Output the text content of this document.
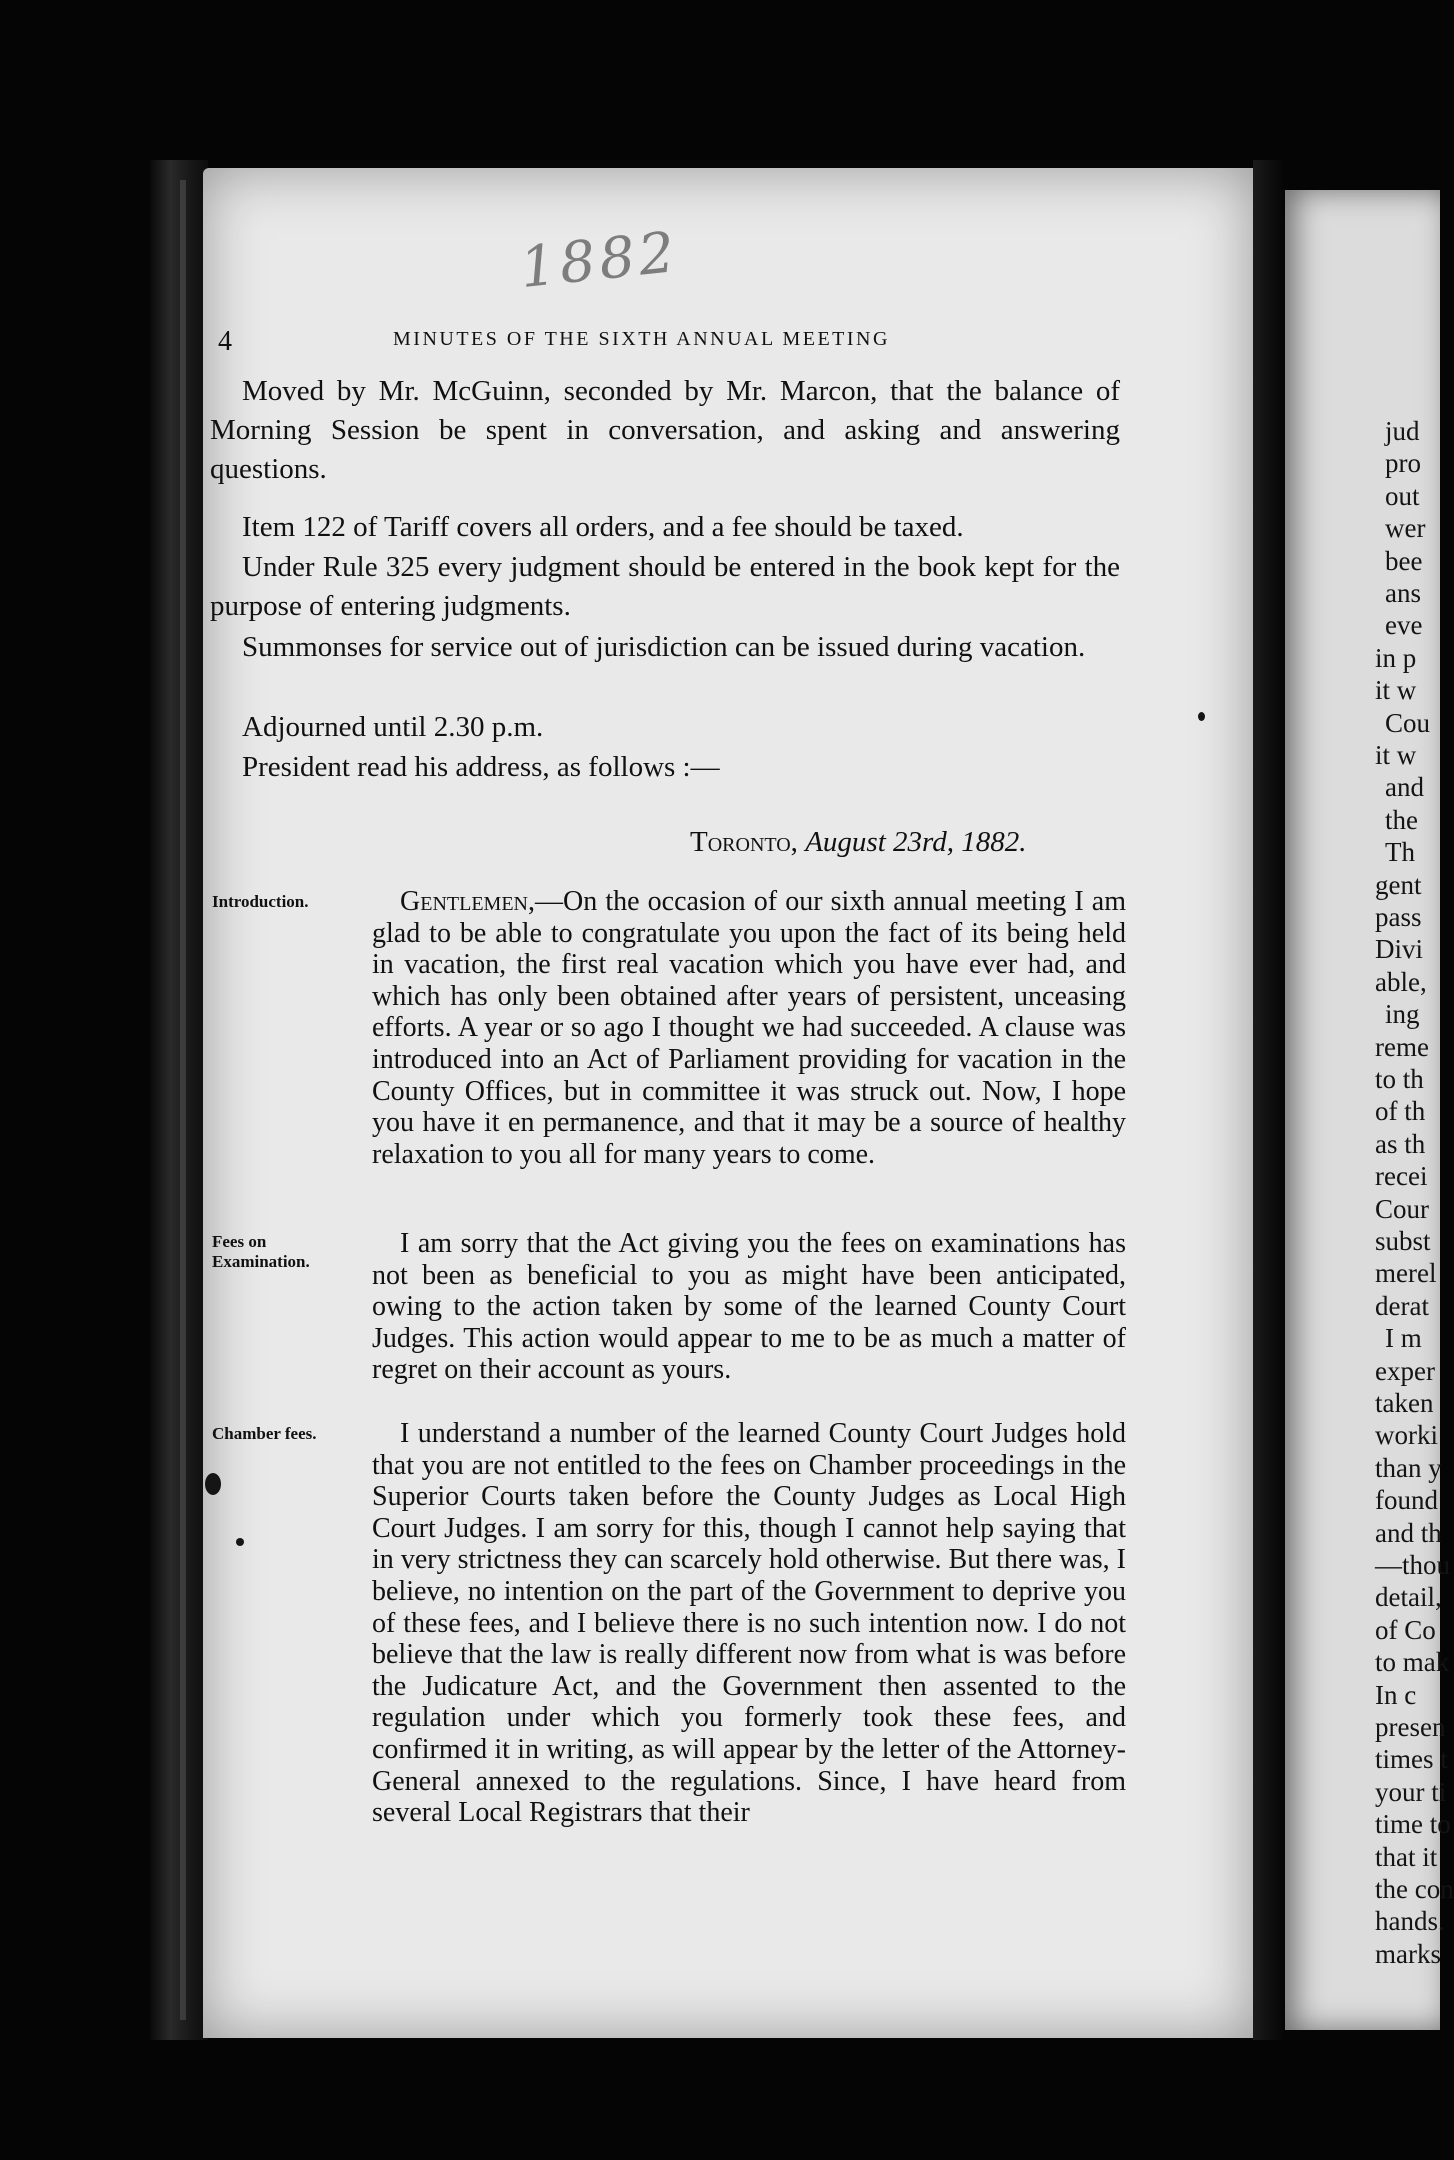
1882
4	MINUTES OF THE SIXTH ANNUAL MEETING

Moved by Mr. McGuinn, seconded by Mr. Marcon, that the balance of Morning Session be spent in conversation, and asking and answering questions.

Item 122 of Tariff covers all orders, and a fee should be taxed.

Under Rule 325 every judgment should be entered in the book kept for the purpose of entering judgments.

Summonses for service out of jurisdiction can be issued during vacation.

Adjourned until 2.30 p.m.

President read his address, as follows :—

Toronto, August 23rd, 1882.
Introduction.
Fees on Examination.
Chamber fees.
Gentlemen,—On the occasion of our sixth annual meeting I am glad to be able to congratulate you upon the fact of its being held in vacation, the first real vacation which you have ever had, and which has only been obtained after years of persistent, unceasing efforts. A year or so ago I thought we had succeeded. A clause was introduced into an Act of Parliament providing for vacation in the County Offices, but in committee it was struck out. Now, I hope you have it en permanence, and that it may be a source of healthy relaxation to you all for many years to come.
I am sorry that the Act giving you the fees on examinations has not been as beneficial to you as might have been anticipated, owing to the action taken by some of the learned County Court Judges. This action would appear to me to be as much a matter of regret on their account as yours.
I understand a number of the learned County Court Judges hold that you are not entitled to the fees on Chamber proceedings in the Superior Courts taken before the County Judges as Local High Court Judges. I am sorry for this, though I cannot help saying that in very strictness they can scarcely hold otherwise. But there was, I believe, no intention on the part of the Government to deprive you of these fees, and I believe there is no such intention now. I do not believe that the law is really different now from what is was before the Judicature Act, and the Government then assented to the regulation under which you formerly took these fees, and confirmed it in writing, as will appear by the letter of the Attorney-General annexed to the regulations. Since, I have heard from several Local Registrars that their
jud
pro
out
wer
bee
ans
eve
in p
it w
Cou
it w
and
the
Th
gent
pass
Divi
able,
ing
reme
to th
of th
as th
recei
Cour
subst
merel
derat
I m
exper
taken
worki
than y
found
and th
—thou
detail,
of Co
to mak
In c
presen
times t
your ti
time to
that it
the con
hands.
marks
